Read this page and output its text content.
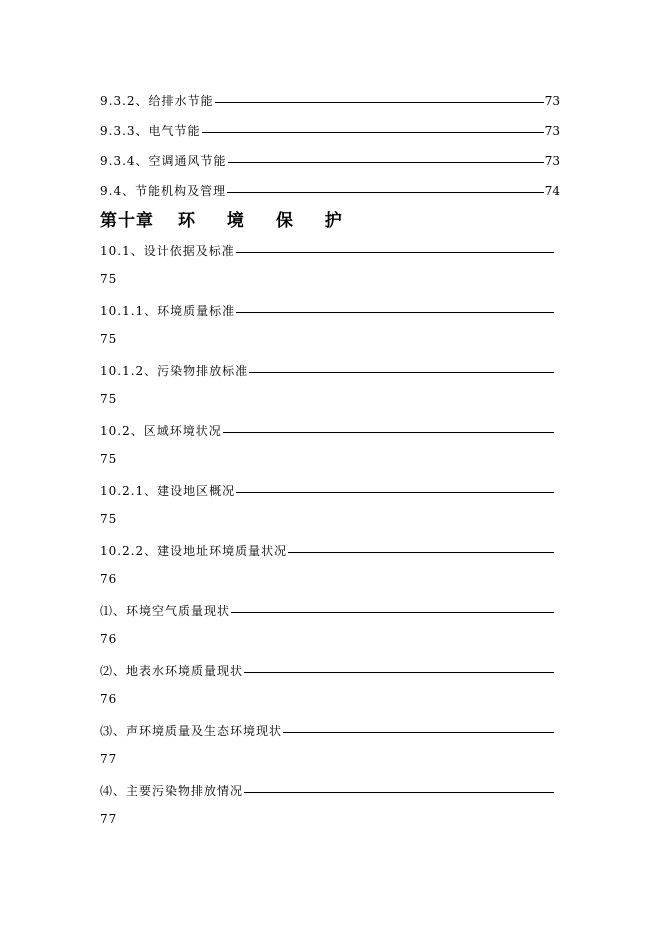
9.3.2、给排水节能	73
9.3.3、电气节能	73
9.3.4、空调通风节能	73
9.4、节能机构及管理	74
第十章 环 境 保 护
10.1、设计依据及标准
75
10.1.1、环境质量标准
75
10.1.2、污染物排放标准
75
10.2、区域环境状况
75
10.2.1、建设地区概况
75
10.2.2、建设地址环境质量状况
76
⑴、环境空气质量现状
76
⑵、地表水环境质量现状
76
⑶、声环境质量及生态环境现状
77
⑷、主要污染物排放情况
77
